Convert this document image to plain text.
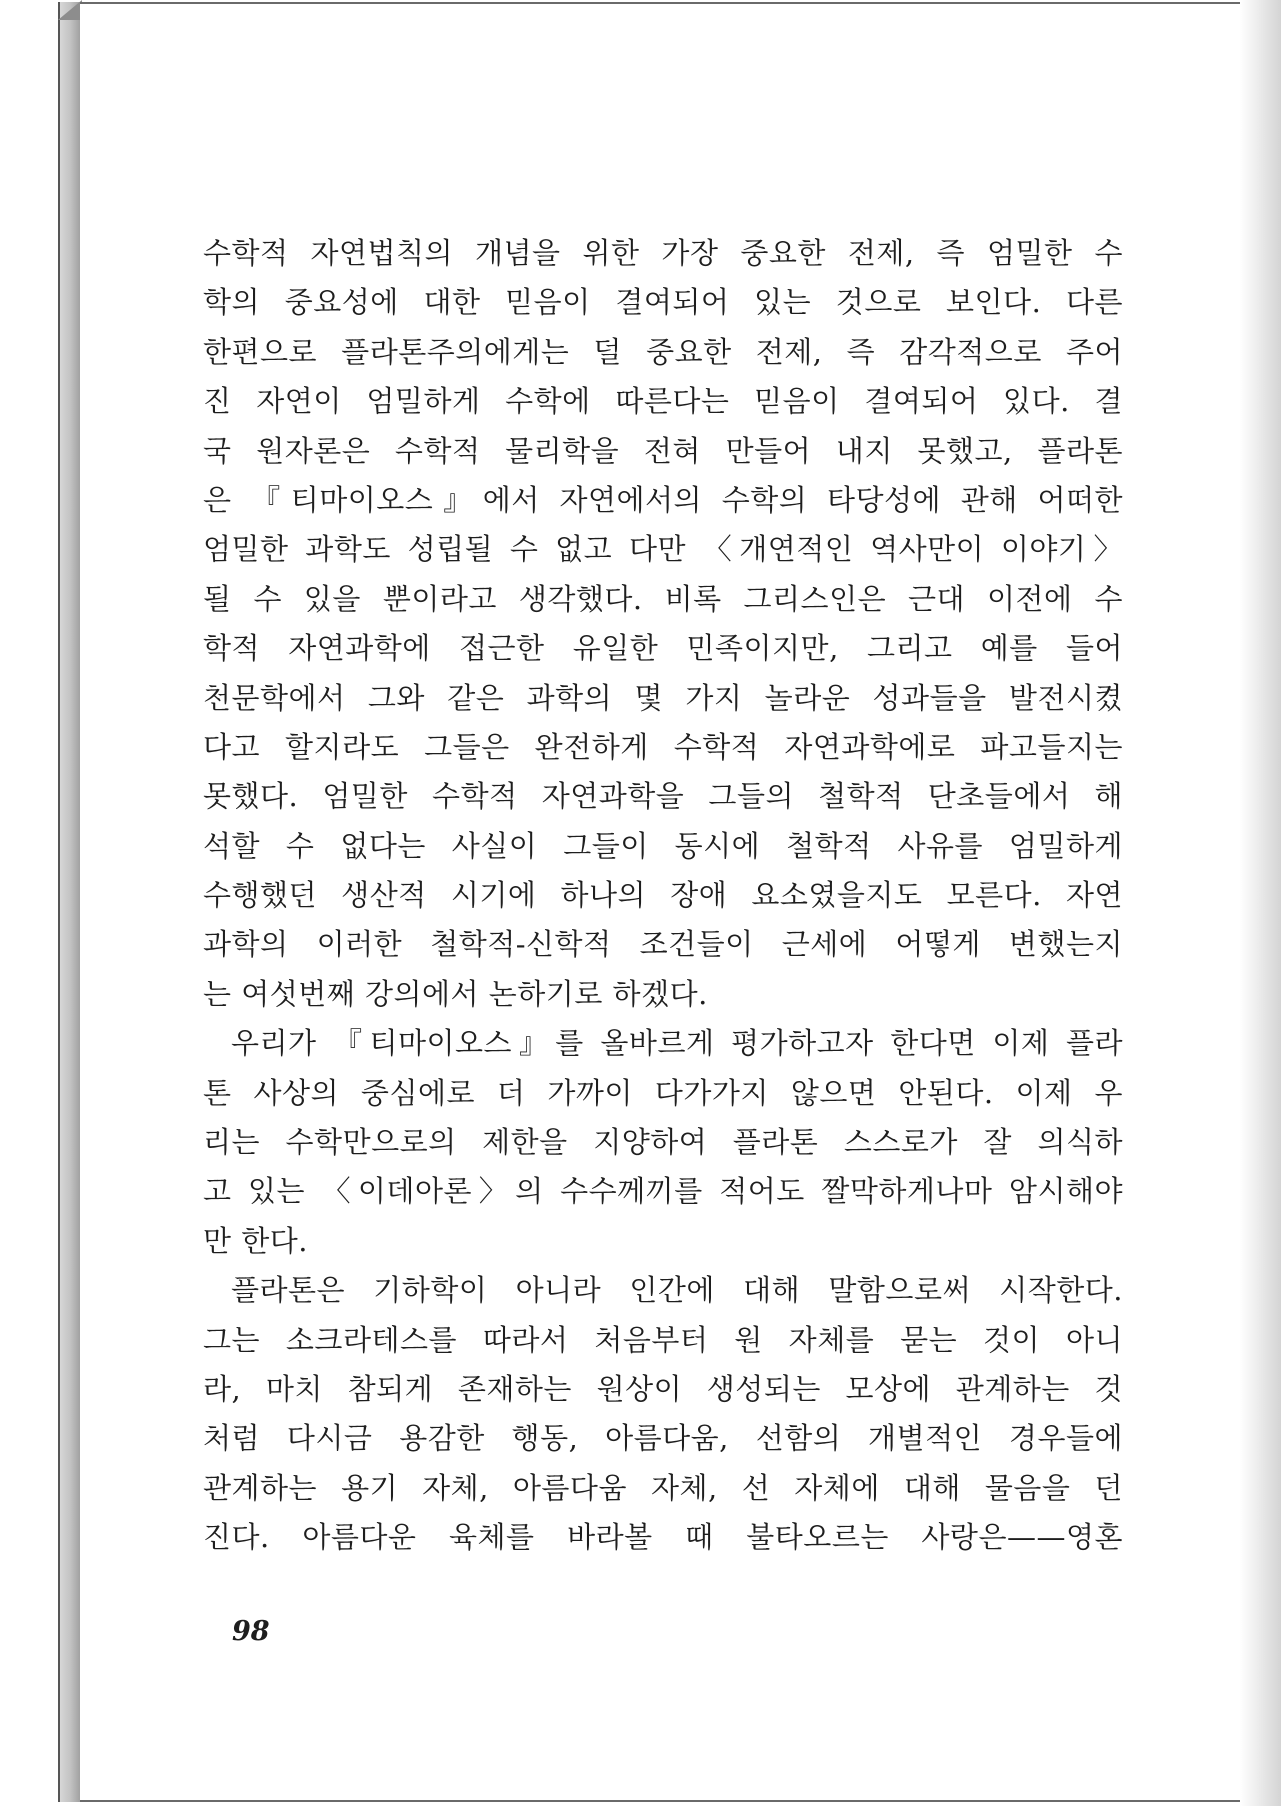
수학적 자연법칙의 개념을 위한 가장 중요한 전제, 즉 엄밀한 수
학의 중요성에 대한 믿음이 결여되어 있는 것으로 보인다. 다른
한편으로 플라톤주의에게는 덜 중요한 전제, 즉 감각적으로 주어
진 자연이 엄밀하게 수학에 따른다는 믿음이 결여되어 있다. 결
국 원자론은 수학적 물리학을 전혀 만들어 내지 못했고, 플라톤
은 『티마이오스』에서 자연에서의 수학의 타당성에 관해 어떠한
엄밀한 과학도 성립될 수 없고 다만 〈개연적인 역사만이 이야기〉
될 수 있을 뿐이라고 생각했다. 비록 그리스인은 근대 이전에 수
학적 자연과학에 접근한 유일한 민족이지만, 그리고 예를 들어
천문학에서 그와 같은 과학의 몇 가지 놀라운 성과들을 발전시켰
다고 할지라도 그들은 완전하게 수학적 자연과학에로 파고들지는
못했다. 엄밀한 수학적 자연과학을 그들의 철학적 단초들에서 해
석할 수 없다는 사실이 그들이 동시에 철학적 사유를 엄밀하게
수행했던 생산적 시기에 하나의 장애 요소였을지도 모른다. 자연
과학의 이러한 철학적-신학적 조건들이 근세에 어떻게 변했는지
는 여섯번째 강의에서 논하기로 하겠다.
우리가 『티마이오스』를 올바르게 평가하고자 한다면 이제 플라
톤 사상의 중심에로 더 가까이 다가가지 않으면 안된다. 이제 우
리는 수학만으로의 제한을 지양하여 플라톤 스스로가 잘 의식하
고 있는 〈이데아론〉의 수수께끼를 적어도 짤막하게나마 암시해야
만 한다.
플라톤은 기하학이 아니라 인간에 대해 말함으로써 시작한다.
그는 소크라테스를 따라서 처음부터 원 자체를 묻는 것이 아니
라, 마치 참되게 존재하는 원상이 생성되는 모상에 관계하는 것
처럼 다시금 용감한 행동, 아름다움, 선함의 개별적인 경우들에
관계하는 용기 자체, 아름다움 자체, 선 자체에 대해 물음을 던
진다. 아름다운 육체를 바라볼 때 불타오르는 사랑은——영혼
98
